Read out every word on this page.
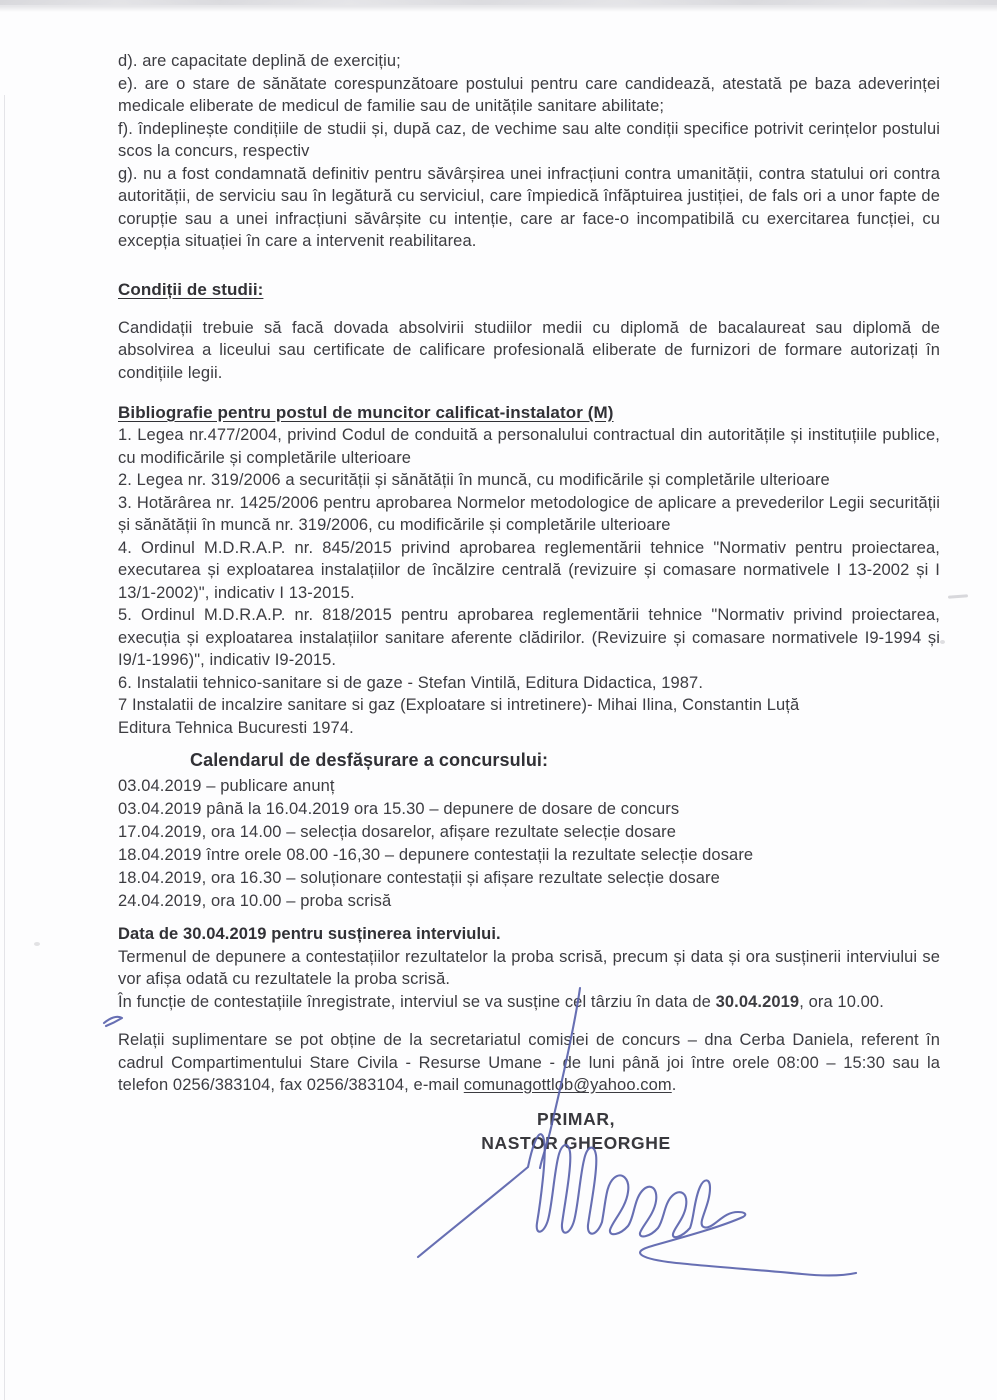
d). are capacitate deplină de exercițiu;

e). are o stare de sănătate corespunzătoare postului pentru care candidează, atestată pe baza adeverinței medicale eliberate de medicul de familie sau de unitățile sanitare abilitate;

f). îndeplinește condițiile de studii și, după caz, de vechime sau alte condiții specifice potrivit cerințelor postului scos la concurs, respectiv

g). nu a fost condamnată definitiv pentru săvârșirea unei infracțiuni contra umanității, contra statului ori contra autorității, de serviciu sau în legătură cu serviciul, care împiedică înfăptuirea justiției, de fals ori a unor fapte de corupție sau a unei infracțiuni săvârșite cu intenție, care ar face-o incompatibilă cu exercitarea funcției, cu excepția situației în care a intervenit reabilitarea.

Condiții de studii:

Candidații trebuie să facă dovada absolvirii studiilor medii cu diplomă de bacalaureat sau diplomă de absolvirea a liceului sau certificate de calificare profesională eliberate de furnizori de formare autorizați în condițiile legii.

Bibliografie pentru postul de muncitor calificat-instalator (M)

1. Legea nr.477/2004, privind Codul de conduită a personalului contractual din autoritățile și instituțiile publice, cu modificările și completările ulterioare

2. Legea nr. 319/2006 a securității și sănătății în muncă, cu modificările și completările ulterioare

3. Hotărârea nr. 1425/2006 pentru aprobarea Normelor metodologice de aplicare a prevederilor Legii securității și sănătății în muncă nr. 319/2006, cu modificările și completările ulterioare

4. Ordinul M.D.R.A.P. nr. 845/2015 privind aprobarea reglementării tehnice "Normativ pentru proiectarea, executarea și exploatarea instalațiilor de încălzire centrală (revizuire și comasare normativele I 13-2002 și I 13/1-2002)", indicativ I 13-2015.

5. Ordinul M.D.R.A.P. nr. 818/2015 pentru aprobarea reglementării tehnice "Normativ privind proiectarea, execuția și exploatarea instalațiilor sanitare aferente clădirilor. (Revizuire și comasare normativele I9-1994 și I9/1-1996)", indicativ I9-2015.

6. Instalatii tehnico-sanitare si de gaze - Stefan Vintilă, Editura Didactica, 1987.

7 Instalatii de incalzire sanitare si gaz (Exploatare si intretinere)- Mihai Ilina, Constantin Luță

Editura Tehnica Bucuresti 1974.

Calendarul de desfășurare a concursului:
03.04.2019 – publicare anunț
03.04.2019 până la 16.04.2019 ora 15.30 – depunere de dosare de concurs
17.04.2019, ora 14.00 – selecția dosarelor, afișare rezultate selecție dosare
18.04.2019 între orele 08.00 -16,30 – depunere contestații la rezultate selecție dosare
18.04.2019, ora 16.30 – soluționare contestații și afișare rezultate selecție dosare
24.04.2019, ora 10.00 – proba scrisă

Data de 30.04.2019 pentru susținerea interviului.

Termenul de depunere a contestațiilor rezultatelor la proba scrisă, precum și data și ora susținerii interviului se vor afișa odată cu rezultatele la proba scrisă.

În funcție de contestațiile înregistrate, interviul se va susține cel târziu în data de 30.04.2019, ora 10.00.

Relații suplimentare se pot obține de la secretariatul comisiei de concurs – dna Cerba Daniela, referent în cadrul Compartimentului Stare Civila - Resurse Umane - de luni până joi între orele 08:00 – 15:30 sau la telefon 0256/383104, fax 0256/383104, e-mail comunagottlob@yahoo.com.

PRIMAR,
NASTOR GHEORGHE
